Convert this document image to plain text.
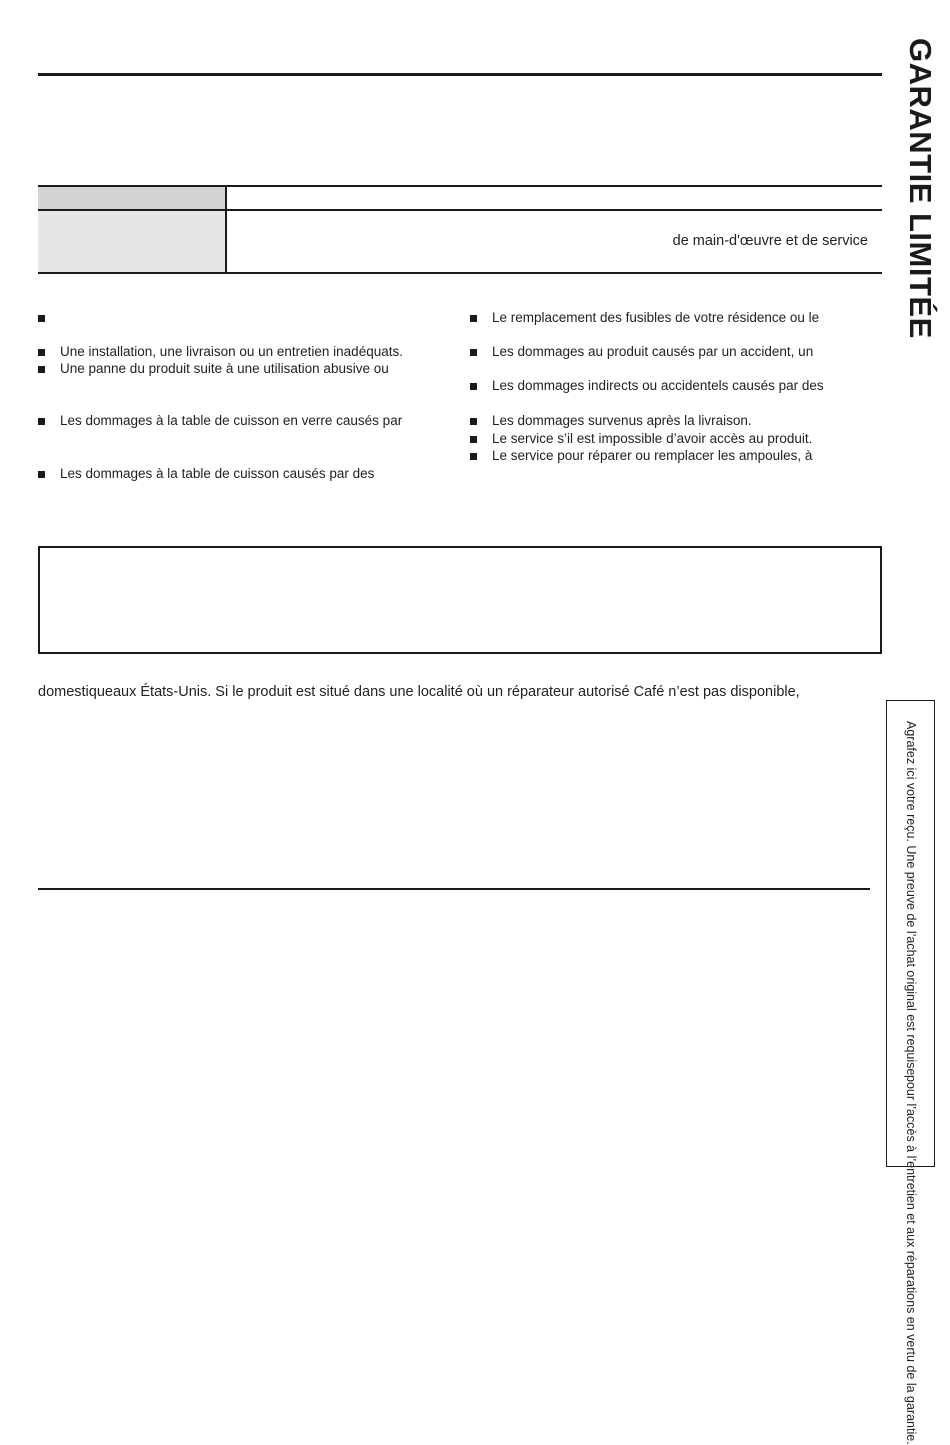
GARANTIE LIMITÉE
de main-d'œuvre et de service
Une installation, une livraison ou un entretien inadéquats.
Une panne du produit suite à une utilisation abusive ou
Les dommages à la table de cuisson en verre causés par
Les dommages à la table de cuisson causés par des
Le remplacement des fusibles de votre résidence ou le
Les dommages au produit causés par un accident, un
Les dommages indirects ou accidentels causés par des
Les dommages survenus après la livraison.
Le service s’il est impossible d’avoir accès au produit.
Le service pour réparer ou remplacer les ampoules, à
domestiqueaux États-Unis. Si le produit est situé dans une localité où un réparateur autorisé Café n’est pas disponible,
Agrafez ici votre reçu. Une preuve de l’achat original est requise
pour l’accès à l’entretien et aux réparations en vertu de la garantie.
